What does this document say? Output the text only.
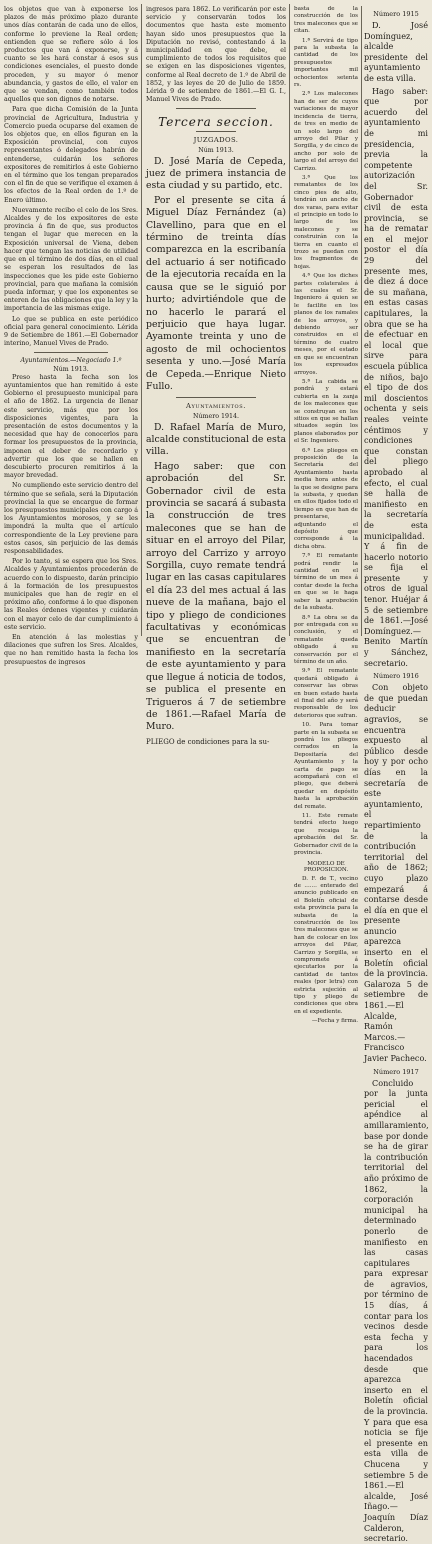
los objetos que van à exponerse los plazos de más próximo plazo durante unos días contarán de cada uno de ellos, conforme lo previene la Real orden; entienden que se refiere sólo á los productos que van á exponerse, y á cuanto se les hará constar á esos sus condiciones esenciales, el puesto donde proceden, y su mayor ó menor abundancia, y gastos de ello, el valor en que se vendan, como también todos aquellos que son dignos de notarse.

Para que dicha Comisión de la Junta provincial de Agricultura, Industria y Comercio pueda ocuparse del examen de los objetos que, en ellos figuran en la Exposición provincial, con cuyos representantes ó delegados habrán de entenderse, cuidarán los señores expositores de remitirlos á este Gobierno en el término que los tengan preparados con el fin de que se verifique el examen á los efectos de la Real orden de 1.º de Enero último.

Nuevamente recibo el celo de los Sres. Alcaldes y de los expositores de este provincia á fin de que, sus productos tengan el lugar que merecen en la Exposición universal de Viena, deben hacer que tengan las noticias de utilidad que en el término de dos días, en el cual se esperan los resultados de las inspecciones que les pide este Gobierno provincial, para que mañana la comisión pueda informar, y que los exponentes se enteren de las obligaciones que la ley y la importancia de las mismas exige.

Lo que se publica en este periódico oficial para general conocimiento. Lérida 9 de Setiembre de 1861.—El Gobernador interino, Manuel Vives de Prado.

Ayuntamientos.—Negociado 1.º
Núm 1913.

Preso hasta la fecha son los ayuntamientos que han remitido á este Gobierno el presupuesto municipal para el año de 1862. La urgencia de llenar este servicio, más que por los disposiciones vigentes, para la presentación de estos documentos y la necesidad que hay de conocerlos para formar los presupuestos de la provincia, imponen el deber de recordarlo y advertir que los que se hallen en descubierto procuren remitirlos á la mayor brevedad.

No cumpliendo este servicio dentro del término que se señala, será la Diputación provincial la que se encargue de formar los presupuestos municipales con cargo á los Ayuntamientos morosos, y se les impondrá la multa que el artículo correspondiente de la Ley previene para estos casos, sin perjuicio de las demás responsabilidades.

Por lo tanto, si se espera que los Sres. Alcaldes y Ayuntamientos procederán de acuerdo con lo dispuesto, darán principio á la formación de los presupuestos municipales que han de regir en el próximo año, conforme á lo que disponen las Reales órdenes vigentes y cuidarán con el mayor celo de dar cumplimiento á este servicio.

En atención á las molestias y dilaciones que sufren los Sres. Alcaldes, que no han remitido hasta la fecha los presupuestos de ingresos

ingresos para 1862. Lo verificarán por este servicio y conservarán todos los documentos que hasta este momento hayan sido unos presupuestos que la Diputación no revisó, contestando á la municipalidad en que debe, el cumplimiento de todos los requisitos que se exigen en las disposiciones vigentes, conforme al Real decreto de 1.º de Abril de 1852, y las leyes de 20 de Julio de 1859. Lérida 9 de setiembre de 1861.—El G. I., Manuel Vives de Prado.

Tercera seccion.
JUZGADOS.
Núm 1913.

D. José María de Cepeda, juez de primera instancia de esta ciudad y su partido, etc.

Por el presente se cita á Miguel Díaz Fernández (a) Clavellino, para que en el término de treinta días comparezca en la escribanía del actuario á ser notificado de la ejecutoria recaída en la causa que se le siguió por hurto; advirtiéndole que de no hacerlo le parará el perjuicio que haya lugar. Ayamonte treinta y uno de agosto de mil ochocientos sesenta y uno.—José María de Cepeda.—Enrique Nieto Fullo.

Ayuntamientos.
Número 1914.

D. Rafael María de Muro, alcalde constitucional de esta villa.

Hago saber: que con aprobación del Sr. Gobernador civil de esta provincia se sacará á subasta la construcción de tres malecones que se han de situar en el arroyo del Pilar, arroyo del Carrizo y arroyo Sorgilla, cuyo remate tendrá lugar en las casas capitulares el día 23 del mes actual á las nueve de la mañana, bajo el tipo y pliego de condiciones facultativas y económicas que se encuentran de manifiesto en la secretaría de este ayuntamiento y para que llegue á noticia de todos, se publica el presente en Trigueros á 7 de setiembre de 1861.—Rafael María de Muro.

PLIEGO de condiciones para la su-

basta de la construcción de los tres malecones que se citan.

1.ª Servirá de tipo para la subasta la cantidad de los presupuestos importantes mil ochocientos setenta rs.

2.ª Los malecones han de ser de cuyos variaciones de mayor incidencia de tierra, de tres en medio de un solo largo del arroyo del Pilar y Sorgilla, y de cinco de ancho por solo de largo el del arroyo del Carrizo.

3.ª Que los rematantes de los cinco pies de alto, tendrán un ancho de dos varas, para evitar el principio en todo lo largo de los malecones y se construirán con la tierra en cuanto el trozo se puedan con los fragmentos de hojas.

4.ª Que los diches partes colaterales á las cuales el Sr. Ingeniero á quien se le facilite en los planos de los ramales de los arroyos, y debiendo ser construidos en el término de cuatro meses, por el estado en que se encuentran los expresados arroyos.

5.ª La cabida se pondrá y estará cubierta en la zanja de los malecones que se construyan en los sitios en que se hallan situados según los planos elaborados por el Sr. Ingeniero.

6.ª Los pliegos en proposición de la Secretaría del Ayuntamiento hasta media hora antes de la que se designe para la subasta, y quedan en ellos fijados todo el tiempo en que han de presentarse, adjuntando el depósito que corresponde á la dicha obra.

7.ª El rematante podrá rendir la cantidad en el término de un mes á contar desde la fecha en que se le haga saber la aprobación de la subasta.

8.ª La obra se da por entregada con su conclusión, y el rematante queda obligado á su conservación por el término de un año.

9.ª El rematante quedará obligado á conservar las obras en buen estado hasta el final del año y será responsable de los deterioros que sufran.

10. Para tomar parte en la subasta se pondrá los pliegos cerrados en la Depositaría del Ayuntamiento y la carta de pago se acompañará con el pliego, que deberá quedar en depósito hasta la aprobación del remate.

11. Este remate tendrá efecto luego que recaiga la aprobación del Sr. Gobernador civil de la provincia.

MODELO DE PROPOSICION.

D. F. de T., vecino de ....... enterado del anuncio publicado en el Boletín oficial de esta provincia para la subasta de la construcción de los tres malecones que se han de colocar en los arroyos del Pilar, Carrizo y Sorgilla, se compromete á ejecutarlos por la cantidad de tantos reales (por letra) con estricta sujeción al tipo y pliego de condiciones que obra en el expediente.

—Fecha y firma.

Número 1915

D. José Domínguez, alcalde presidente del ayuntamiento de esta villa.

Hago saber: que por acuerdo del ayuntamiento de mi presidencia, previa la competente autorización del Sr. Gobernador civil de esta provincia, se ha de rematar en el mejor postor el día 29 del presente mes, de diez á doce de su mañana, en estas casas capitulares, la obra que se ha de efectuar en el local que sirve para escuela pública de niños, bajo el tipo de dos mil doscientos ochenta y seis reales veinte céntimos y condiciones que constan del pliego aprobado al efecto, el cual se halla de manifiesto en la secretaría de esta municipalidad. Y á fin de hacerlo notorio se fija el presente y otros de igual tenor. Huéjar á 5 de setiembre de 1861.—José Domínguez.—Benito Martín y Sánchez, secretario.

Número 1916

Con objeto de que puedan deducir agravios, se encuentra expuesto al público desde hoy y por ocho días en la secretaría de este ayuntamiento, el repartimiento de la contribución territorial del año de 1862; cuyo plazo empezará á contarse desde el día en que el presente anuncio aparezca inserto en el Boletín oficial de la provincia. Galaroza 5 de setiembre de 1861.—El Alcalde, Ramón Marcos.—Francisco Javier Pacheco.

Número 1917

Concluido por la junta pericial el apéndice al amillaramiento, base por donde se ha de girar la contribución territorial del año próximo de 1862, la corporación municipal ha determinado ponerlo de manifiesto en las casas capitulares para expresar de agravios, por término de 15 días, á contar para los vecinos desde esta fecha y para los hacendados desde que aparezca inserto en el Boletín oficial de la provincia. Y para que esa noticia se fije el presente en esta villa de Chucena y setiembre 5 de 1861.—El alcalde, José Iñago.—Joaquín Díaz Calderon, secretario.
